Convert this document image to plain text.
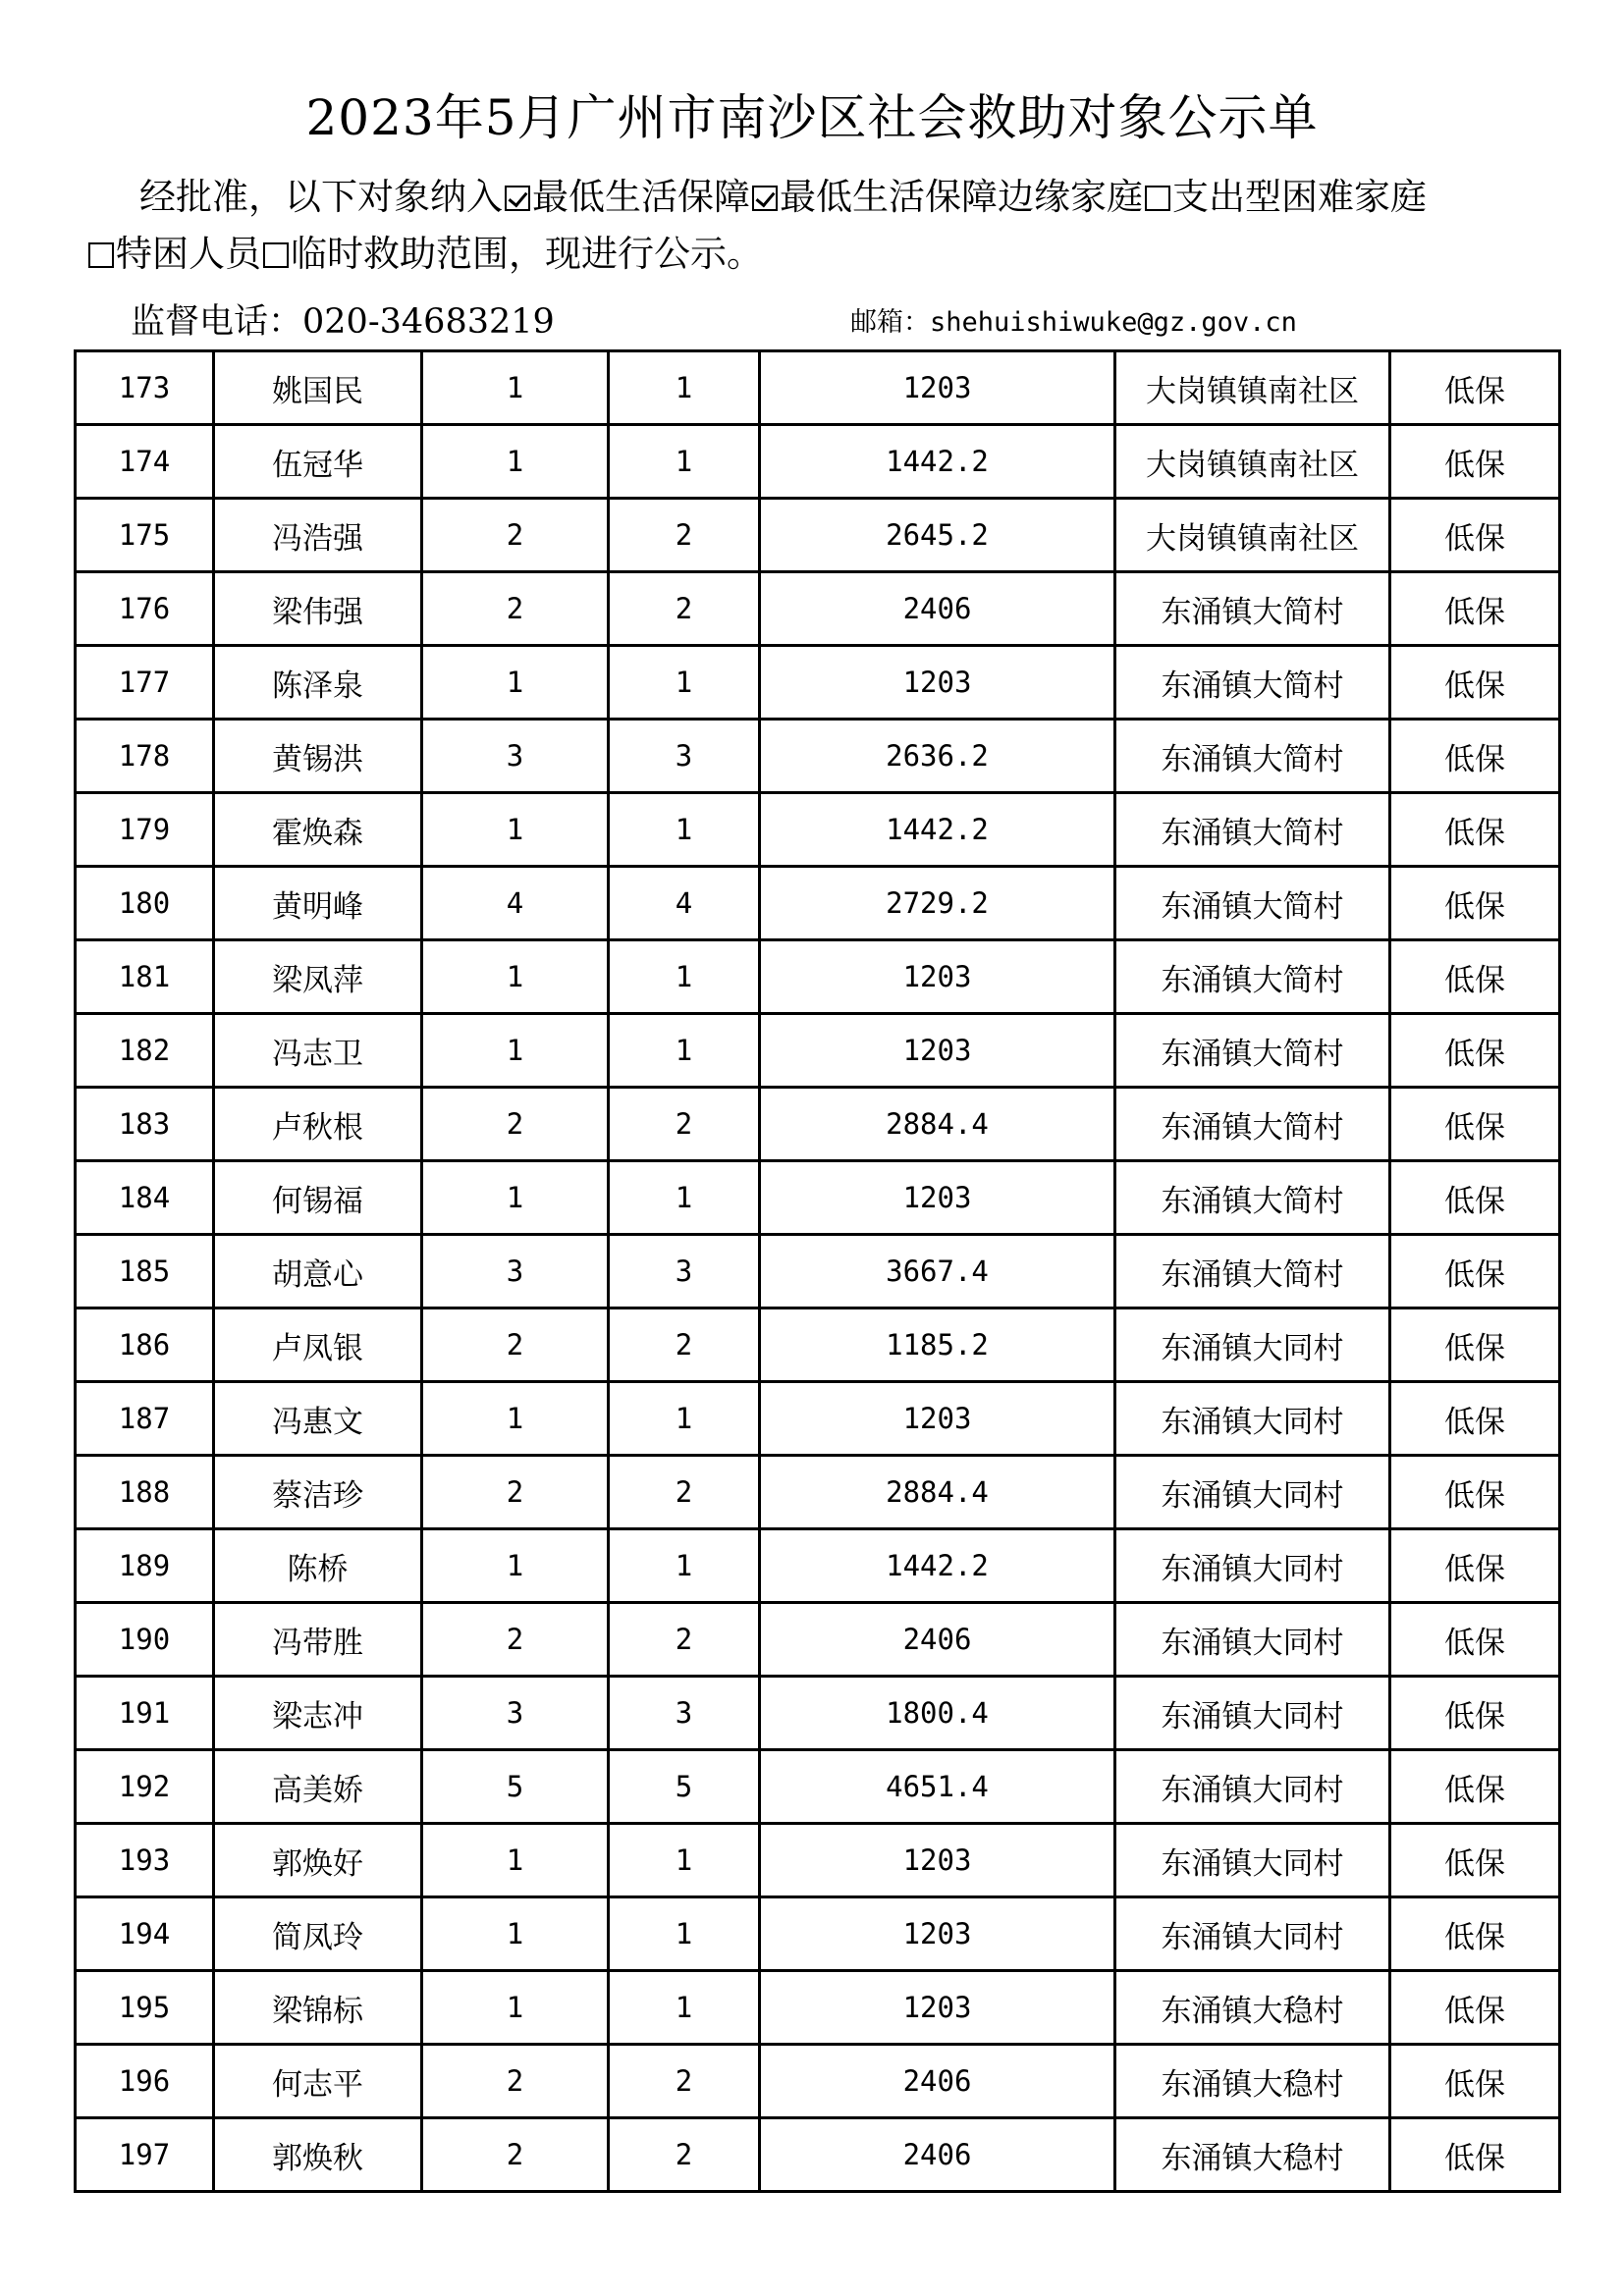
2023年5月广州市南沙区社会救助对象公示单
经批准，以下对象纳入 最低生活保障 最低生活保障边缘家庭 支出型困难家庭
特困人员 临时救助范围，现进行公示。
监督电话：020-34683219	邮箱：shehuishiwuke@gz.gov.cn
173	姚国民	1	1	1203	大岗镇镇南社区	低保
174	伍冠华	1	1	1442.2	大岗镇镇南社区	低保
175	冯浩强	2	2	2645.2	大岗镇镇南社区	低保
176	梁伟强	2	2	2406	东涌镇大简村	低保
177	陈泽泉	1	1	1203	东涌镇大简村	低保
178	黄锡洪	3	3	2636.2	东涌镇大简村	低保
179	霍焕森	1	1	1442.2	东涌镇大简村	低保
180	黄明峰	4	4	2729.2	东涌镇大简村	低保
181	梁凤萍	1	1	1203	东涌镇大简村	低保
182	冯志卫	1	1	1203	东涌镇大简村	低保
183	卢秋根	2	2	2884.4	东涌镇大简村	低保
184	何锡福	1	1	1203	东涌镇大简村	低保
185	胡意心	3	3	3667.4	东涌镇大简村	低保
186	卢凤银	2	2	1185.2	东涌镇大同村	低保
187	冯惠文	1	1	1203	东涌镇大同村	低保
188	蔡洁珍	2	2	2884.4	东涌镇大同村	低保
189	陈桥	1	1	1442.2	东涌镇大同村	低保
190	冯带胜	2	2	2406	东涌镇大同村	低保
191	梁志冲	3	3	1800.4	东涌镇大同村	低保
192	高美娇	5	5	4651.4	东涌镇大同村	低保
193	郭焕好	1	1	1203	东涌镇大同村	低保
194	简凤玲	1	1	1203	东涌镇大同村	低保
195	梁锦标	1	1	1203	东涌镇大稳村	低保
196	何志平	2	2	2406	东涌镇大稳村	低保
197	郭焕秋	2	2	2406	东涌镇大稳村	低保
